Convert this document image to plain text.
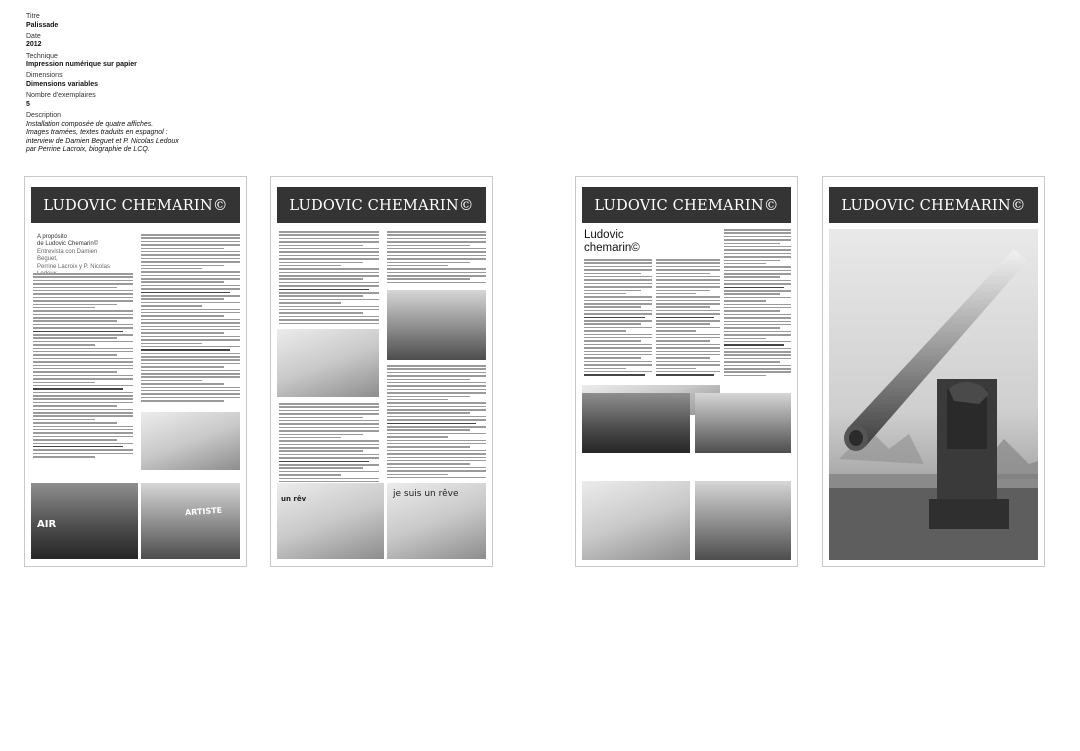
Titre
Palissade
Date
2012
Technique
Impression numérique sur papier
Dimensions
Dimensions variables
Nombre d'exemplaires
5
Description
Installation composée de quatre affiches.
Images tramées, textes traduits en espagnol :
interview de Damien Beguet et P. Nicolas Ledoux
par Perrine Lacroix, biographie de LCQ.
LUDOVIC CHEMARIN©
A propósito
de Ludovic Chemarin©
Entrevista con Damien Beguet,
Perrine Lacroix y P. Nicolas
AIR
ARTISTE
LUDOVIC CHEMARIN©
un rêv	je suis un rêve
LUDOVIC CHEMARIN©
Ludovic
chemarin©
LUDOVIC CHEMARIN©
